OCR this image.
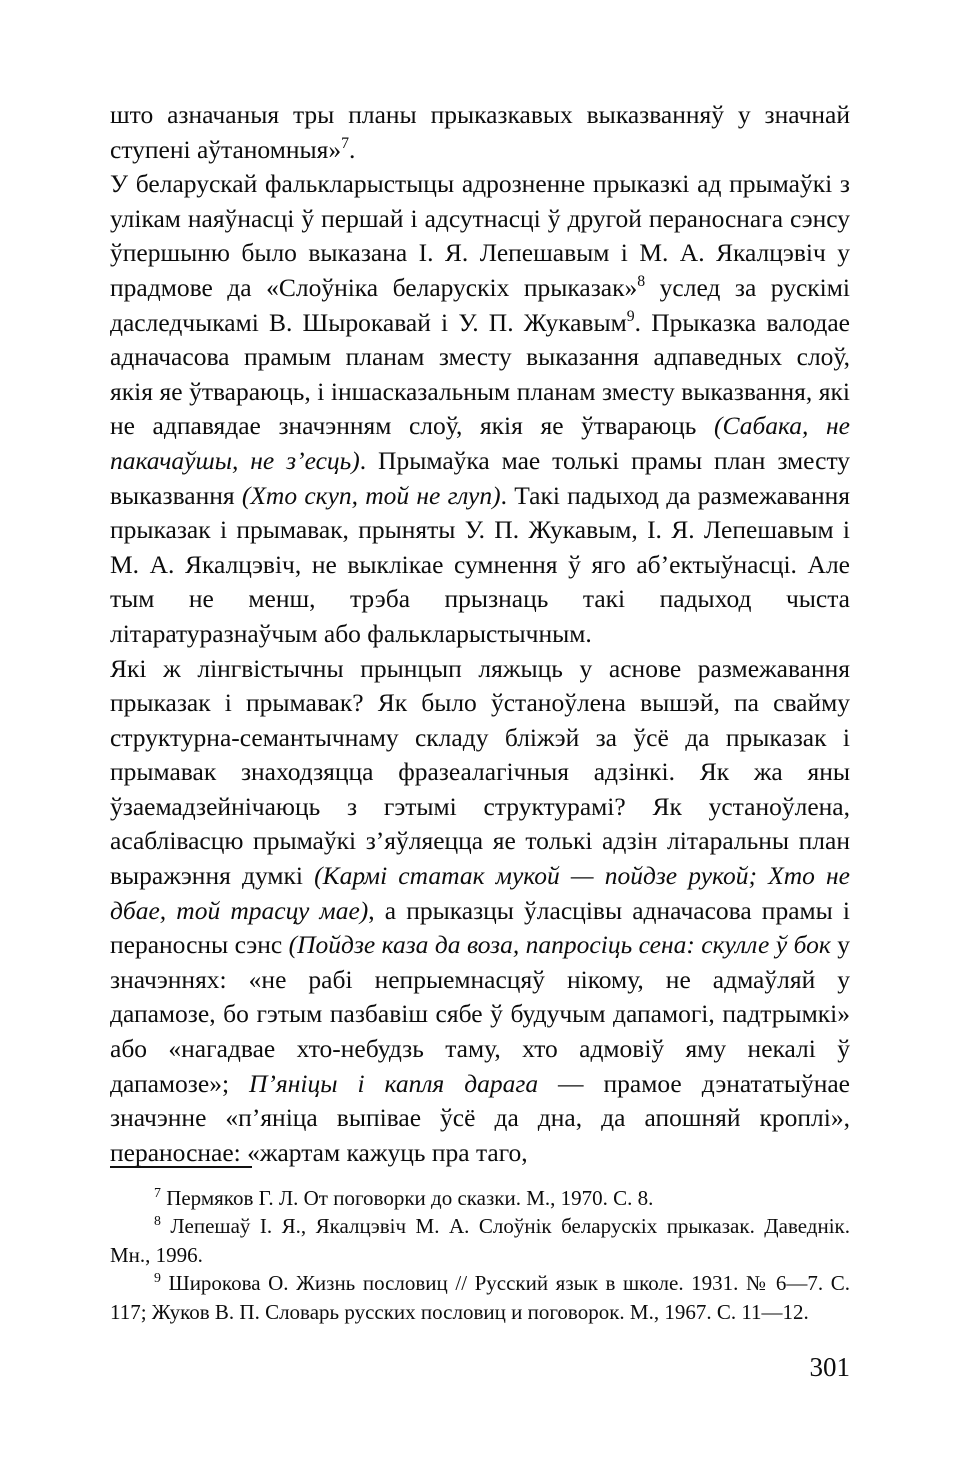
што азначаныя тры планы прыказкавых выказванняў у значнай ступені аўтаномныя»$^7$.

У беларускай фалькларыстыцы адрозненне прыказкі ад прымаўкі з улікам наяўнасці ў першай і адсутнасці ў другой пераноснага сэнсу ўпершыню было выказана І. Я. Лепешавым і М. А. Якалцэвіч у прадмове да «Слоўніка беларускіх прыказак»$^8$ услед за рускімі даследчыкамі В. Шырокавай і У. П. Жукавым$^9$. Прыказка валодае адначасова прамым планам зместу выказання адпаведных слоў, якія яе ўтвараюць, і іншасказальным планам зместу выказвання, які не адпавядае значэнням слоў, якія яе ўтвараюць (Сабака, не пакачаўшы, не з’есць). Прымаўка мае толькі прамы план зместу выказвання (Хто скуп, той не глуп). Такі падыход да размежавання прыказак і прымавак, прыняты У. П. Жукавым, І. Я. Лепешавым і М. А. Якалцэвіч, не выклікае сумнення ў яго аб’ектыўнасці. Але тым не менш, трэба прызнаць такі падыход чыста літаратуразнаўчым або фалькларыстычным.

Які ж лінгвістычны прынцып ляжыць у аснове размежавання прыказак і прымавак? Як было ўстаноўлена вышэй, па свайму структурна-семантычнаму складу бліжэй за ўсё да прыказак і прымавак знаходзяцца фразеалагічныя адзінкі. Як жа яны ўзаемадзейнічаюць з гэтымі структурамі? Як устаноўлена, асаблівасцю прымаўкі з’яўляецца яе толькі адзін літаральны план выражэння думкі (Кармі статак мукой — пойдзе рукой; Хто не дбае, той трасцу мае), а прыказцы ўласцівы адначасова прамы і пераносны сэнс (Пойдзе каза да воза, папросіць сена: скулле ў бок у значэннях: «не рабі непрыемнасцяў нікому, не адмаўляй у дапамозе, бо гэтым пазбавіш сябе ў будучым дапамогі, падтрымкі» або «нагадвае хто-небудзь таму, хто адмовіў яму некалі ў дапамозе»; П’яніцы і капля дарага — прамое дэнататыўнае значэнне «п’яніца выпівае ўсё да дна, да апошняй кроплі», пераноснае: «жартам кажуць пра таго,

$^7$ Пермяков Г. Л. От поговорки до сказки. М., 1970. С. 8.

$^8$ Лепешаў І. Я., Якалцэвіч М. А. Слоўнік беларускіх прыказак. Даведнік. Мн., 1996.

$^9$ Широкова О. Жизнь пословиц // Русский язык в школе. 1931. № 6—7. С. 117; Жуков В. П. Словарь русских пословиц и поговорок. М., 1967. С. 11—12.

301
